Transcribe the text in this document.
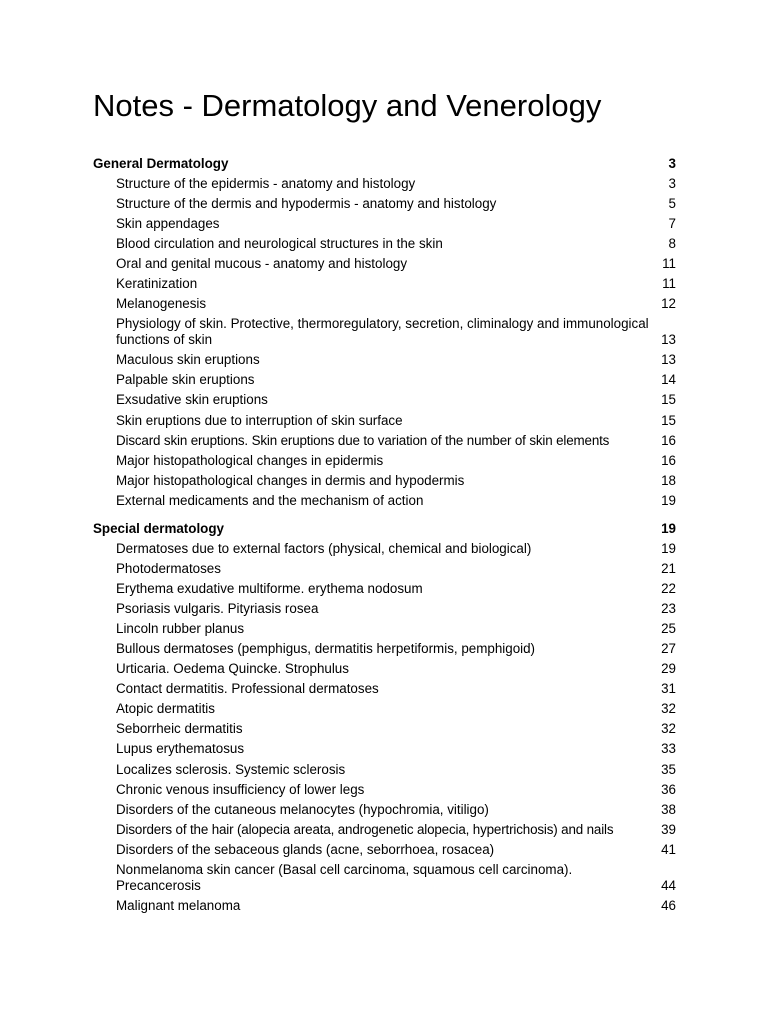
Notes - Dermatology and Venerology
General Dermatology	3
Structure of the epidermis - anatomy and histology	3
Structure of the dermis and hypodermis - anatomy and histology	5
Skin appendages	7
Blood circulation and neurological structures in the skin	8
Oral and genital mucous - anatomy and histology	11
Keratinization	11
Melanogenesis	12
Physiology of skin. Protective, thermoregulatory, secretion, climinalogy and immunological functions of skin	13
Maculous skin eruptions	13
Palpable skin eruptions	14
Exsudative skin eruptions	15
Skin eruptions due to interruption of skin surface	15
Discard skin eruptions. Skin eruptions due to variation of the number of skin elements	16
Major histopathological changes in epidermis	16
Major histopathological changes in dermis and hypodermis	18
External medicaments and the mechanism of action	19
Special dermatology	19
Dermatoses due to external factors (physical, chemical and biological)	19
Photodermatoses	21
Erythema exudative multiforme. erythema nodosum	22
Psoriasis vulgaris. Pityriasis rosea	23
Lincoln rubber planus	25
Bullous dermatoses (pemphigus, dermatitis herpetiformis, pemphigoid)	27
Urticaria. Oedema Quincke. Strophulus	29
Contact dermatitis. Professional dermatoses	31
Atopic dermatitis	32
Seborrheic dermatitis	32
Lupus erythematosus	33
Localizes sclerosis. Systemic sclerosis	35
Chronic venous insufficiency of lower legs	36
Disorders of the cutaneous melanocytes (hypochromia, vitiligo)	38
Disorders of the hair (alopecia areata, androgenetic alopecia, hypertrichosis) and nails	39
Disorders of the sebaceous glands (acne, seborrhoea, rosacea)	41
Nonmelanoma skin cancer (Basal cell carcinoma, squamous cell carcinoma). Precancerosis	44
Malignant melanoma	46
